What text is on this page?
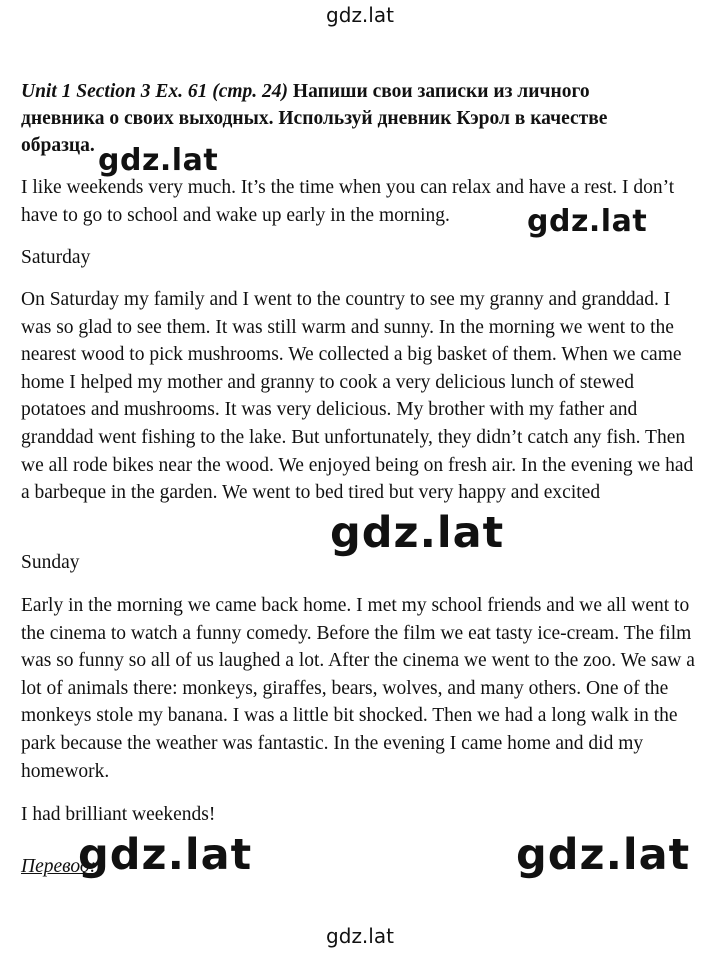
gdz.lat
Unit 1 Section 3 Ex. 61 (стр. 24) Напиши свои записки из личного дневника о своих выходных. Используй дневник Кэрол в качестве образца. gdz.lat

I like weekends very much. It’s the time when you can relax and have a rest. I don’t have to go to school and wake up early in the morning.	gdz.lat

Saturday

On Saturday my family and I went to the country to see my granny and granddad. I was so glad to see them. It was still warm and sunny. In the morning we went to the nearest wood to pick mushrooms. We collected a big basket of them. When we came home I helped my mother and granny to cook a very delicious lunch of stewed potatoes and mushrooms. It was very delicious. My brother with my father and granddad went fishing to the lake. But unfortunately, they didn’t catch any fish. Then we all rode bikes near the wood. We enjoyed being on fresh air. In the evening we had a barbeque in the garden. We went to bed tired but very happy and excited

gdz.lat

Sunday

Early in the morning we came back home. I met my school friends and we all went to the cinema to watch a funny comedy. Before the film we eat tasty ice-cream. The film was so funny so all of us laughed a lot. After the cinema we went to the zoo. We saw a lot of animals there: monkeys, giraffes, bears, wolves, and many others. One of the monkeys stole my banana. I was a little bit shocked. Then we had a long walk in the park because the weather was fantastic. In the evening I came home and did my homework.

I had brilliant weekends!

gdz.lat	gdz.lat
Перевод:
gdz.lat
